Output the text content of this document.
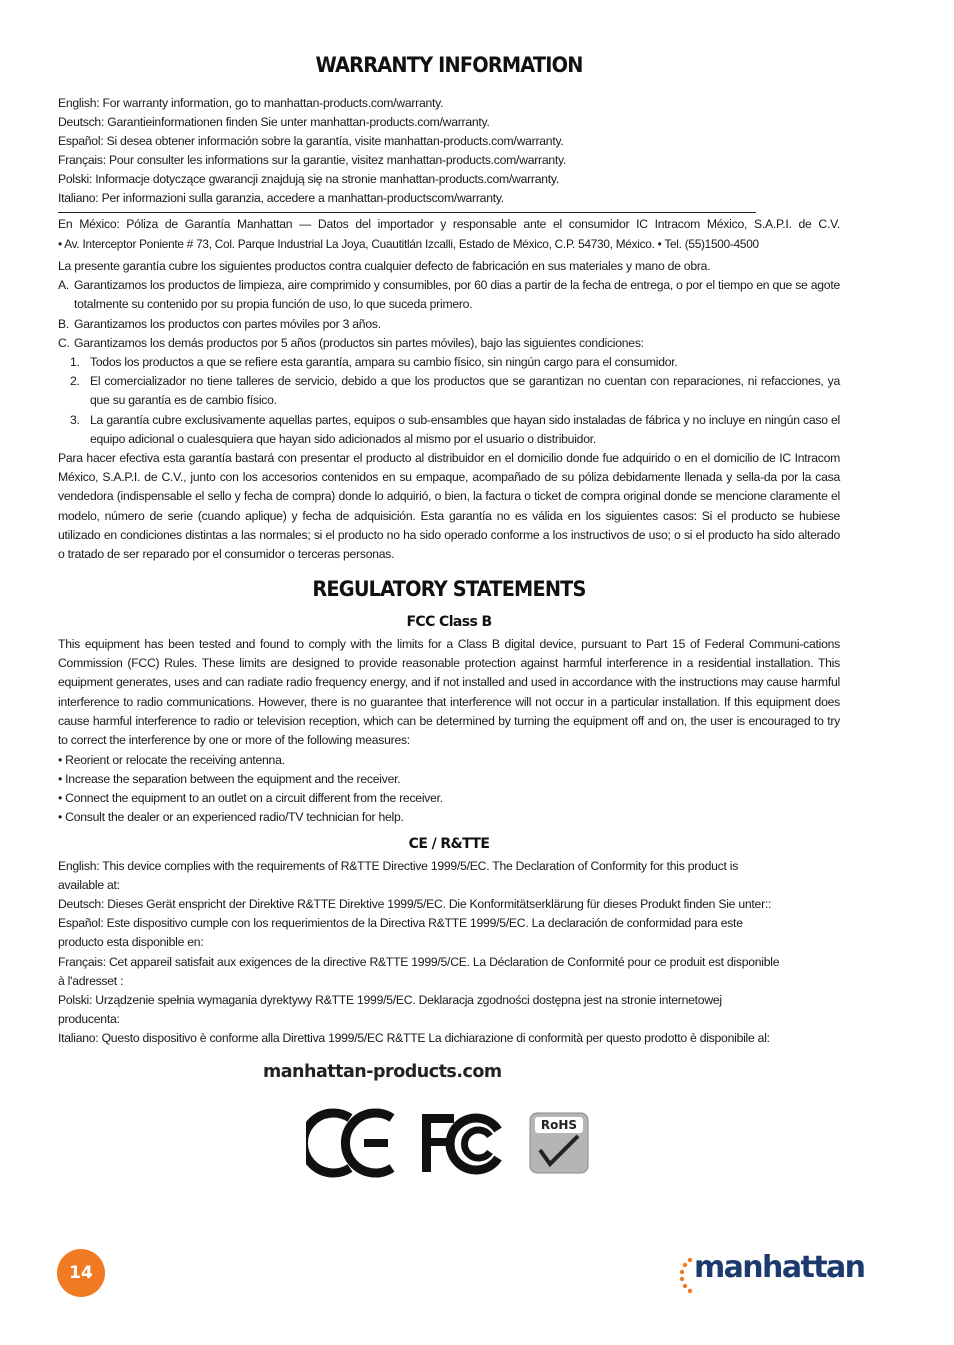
WARRANTY INFORMATION
English: For warranty information, go to manhattan-products.com/warranty.
Deutsch: Garantieinformationen finden Sie unter manhattan-products.com/warranty.
Español: Si desea obtener información sobre la garantía, visite manhattan-products.com/warranty.
Français: Pour consulter les informations sur la garantie, visitez manhattan-products.com/warranty.
Polski: Informacje dotyczące gwarancji znajdują się na stronie manhattan-products.com/warranty.
Italiano: Per informazioni sulla garanzia, accedere a manhattan-productscom/warranty.
En México: Póliza de Garantía Manhattan — Datos del importador y responsable ante el consumidor IC Intracom México, S.A.P.I. de C.V.
• Av. Interceptor Poniente # 73, Col. Parque Industrial La Joya, Cuautitlán Izcalli, Estado de México, C.P. 54730, México. • Tel. (55)1500-4500
La presente garantía cubre los siguientes productos contra cualquier defecto de fabricación en sus materiales y mano de obra.
A. Garantizamos los productos de limpieza, aire comprimido y consumibles, por 60 dias a partir de la fecha de entrega, o por el tiempo en que se agote totalmente su contenido por su propia función de uso, lo que suceda primero.
B. Garantizamos los productos con partes móviles por 3 años.
C. Garantizamos los demás productos por 5 años (productos sin partes móviles), bajo las siguientes condiciones:
1. Todos los productos a que se refiere esta garantía, ampara su cambio físico, sin ningún cargo para el consumidor.
2. El comercializador no tiene talleres de servicio, debido a que los productos que se garantizan no cuentan con reparaciones, ni refacciones, ya que su garantía es de cambio físico.
3. La garantía cubre exclusivamente aquellas partes, equipos o sub-ensambles que hayan sido instaladas de fábrica y no incluye en ningún caso el equipo adicional o cualesquiera que hayan sido adicionados al mismo por el usuario o distribuidor.
Para hacer efectiva esta garantía bastará con presentar el producto al distribuidor en el domicilio donde fue adquirido o en el domicilio de IC Intracom México, S.A.P.I. de C.V., junto con los accesorios contenidos en su empaque, acompañado de su póliza debidamente llenada y sella-da por la casa vendedora (indispensable el sello y fecha de compra) donde lo adquirió, o bien, la factura o ticket de compra original donde se mencione claramente el modelo, número de serie (cuando aplique) y fecha de adquisición. Esta garantía no es válida en los siguientes casos: Si el producto se hubiese utilizado en condiciones distintas a las normales; si el producto no ha sido operado conforme a los instructivos de uso; o si el producto ha sido alterado o tratado de ser reparado por el consumidor o terceras personas.
REGULATORY STATEMENTS
FCC Class B
This equipment has been tested and found to comply with the limits for a Class B digital device, pursuant to Part 15 of Federal Communi-cations Commission (FCC) Rules. These limits are designed to provide reasonable protection against harmful interference in a residential installation. This equipment generates, uses and can radiate radio frequency energy, and if not installed and used in accordance with the instructions may cause harmful interference to radio communications. However, there is no guarantee that interference will not occur in a particular installation. If this equipment does cause harmful interference to radio or television reception, which can be determined by turning the equipment off and on, the user is encouraged to try to correct the interference by one or more of the following measures:
• Reorient or relocate the receiving antenna.
• Increase the separation between the equipment and the receiver.
• Connect the equipment to an outlet on a circuit different from the receiver.
• Consult the dealer or an experienced radio/TV technician for help.
CE / R&TTE
English: This device complies with the requirements of R&TTE Directive 1999/5/EC. The Declaration of Conformity for this product is
available at:
Deutsch: Dieses Gerät enspricht der Direktive R&TTE Direktive 1999/5/EC. Die Konformitätserklärung für dieses Produkt finden Sie unter::
Español: Este dispositivo cumple con los requerimientos de la Directiva R&TTE 1999/5/EC. La declaración de conformidad para este
producto esta disponible en:
Français: Cet appareil satisfait aux exigences de la directive R&TTE 1999/5/CE. La Déclaration de Conformité pour ce produit est disponible
à l'adresset :
Polski: Urządzenie spełnia wymagania dyrektywy R&TTE 1999/5/EC. Deklaracja zgodności dostępna jest na stronie internetowej
producenta:
Italiano: Questo dispositivo è conforme alla Direttiva 1999/5/EC R&TTE La dichiarazione di conformità per questo prodotto è disponibile al:
manhattan-products.com
RoHS
14	manhattan
